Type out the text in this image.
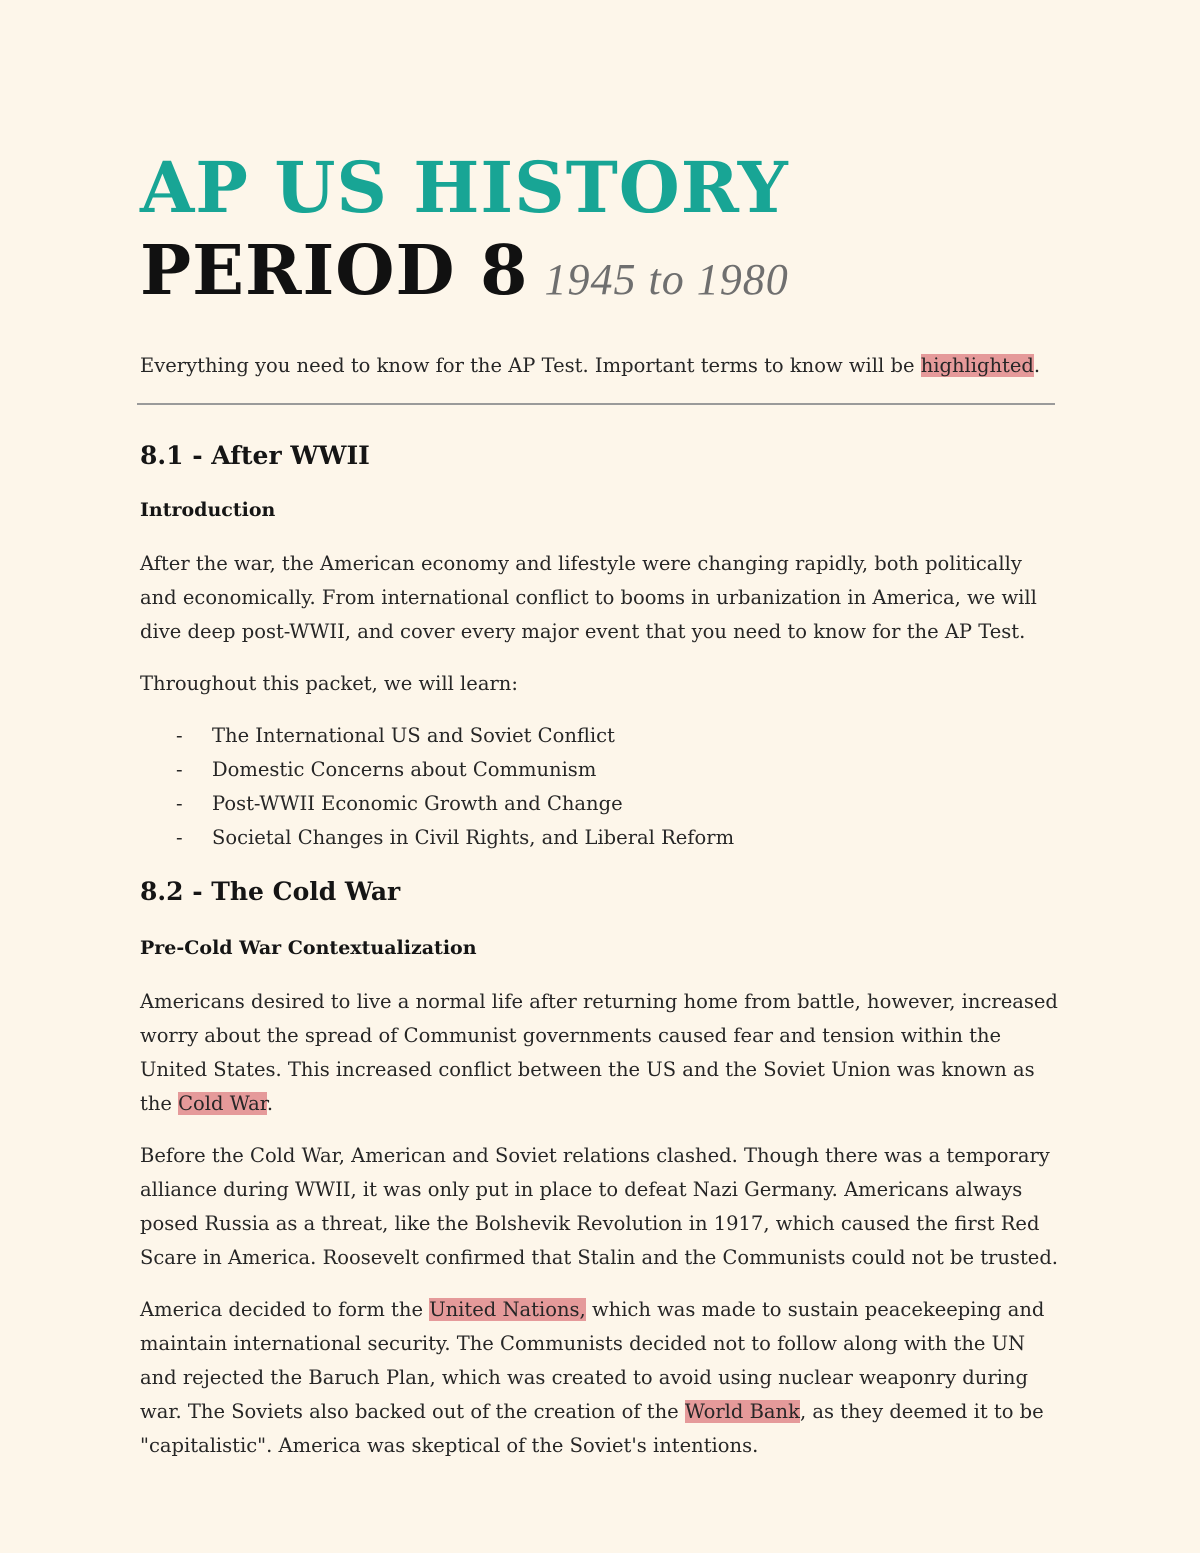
AP US HISTORY
PERIOD 8 1945 to 1980

Everything you need to know for the AP Test. Important terms to know will be highlighted.

8.1 - After WWII
Introduction

After the war, the American economy and lifestyle were changing rapidly, both politically and economically. From international conflict to booms in urbanization in America, we will dive deep post-WWII, and cover every major event that you need to know for the AP Test.

Throughout this packet, we will learn:

- The International US and Soviet Conflict
- Domestic Concerns about Communism
- Post-WWII Economic Growth and Change
- Societal Changes in Civil Rights, and Liberal Reform
8.2 - The Cold War
Pre-Cold War Contextualization

Americans desired to live a normal life after returning home from battle, however, increased worry about the spread of Communist governments caused fear and tension within the United States. This increased conflict between the US and the Soviet Union was known as the Cold War.

Before the Cold War, American and Soviet relations clashed. Though there was a temporary alliance during WWII, it was only put in place to defeat Nazi Germany. Americans always posed Russia as a threat, like the Bolshevik Revolution in 1917, which caused the first Red Scare in America. Roosevelt confirmed that Stalin and the Communists could not be trusted.

America decided to form the United Nations, which was made to sustain peacekeeping and maintain international security. The Communists decided not to follow along with the UN and rejected the Baruch Plan, which was created to avoid using nuclear weaponry during war. The Soviets also backed out of the creation of the World Bank, as they deemed it to be "capitalistic". America was skeptical of the Soviet's intentions.
